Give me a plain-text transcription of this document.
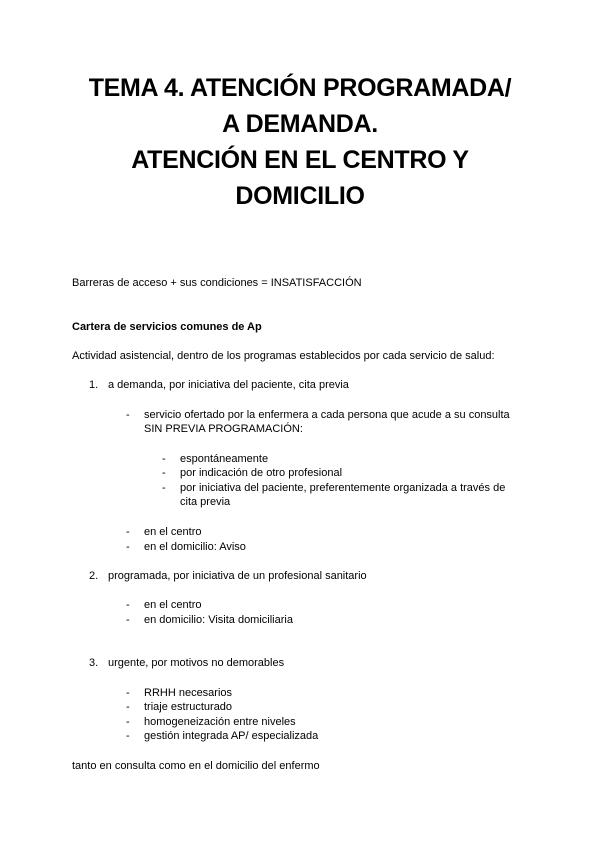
TEMA 4. ATENCIÓN PROGRAMADA/
A DEMANDA.
ATENCIÓN EN EL CENTRO Y
DOMICILIO
Barreras de acceso + sus condiciones = INSATISFACCIÓN
Cartera de servicios comunes de Ap
Actividad asistencial, dentro de los programas establecidos por cada servicio de salud:
1. a demanda, por iniciativa del paciente, cita previa
- servicio ofertado por la enfermera a cada persona que acude a su consulta
SIN PREVIA PROGRAMACIÓN:
- espontáneamente
- por indicación de otro profesional
- por iniciativa del paciente, preferentemente organizada a través de
cita previa
- en el centro
- en el domicilio: Aviso
2. programada, por iniciativa de un profesional sanitario
- en el centro
- en domicilio: Visita domiciliaria
3. urgente, por motivos no demorables
- RRHH necesarios
- triaje estructurado
- homogeneización entre niveles
- gestión integrada AP/ especializada
tanto en consulta como en el domicilio del enfermo
